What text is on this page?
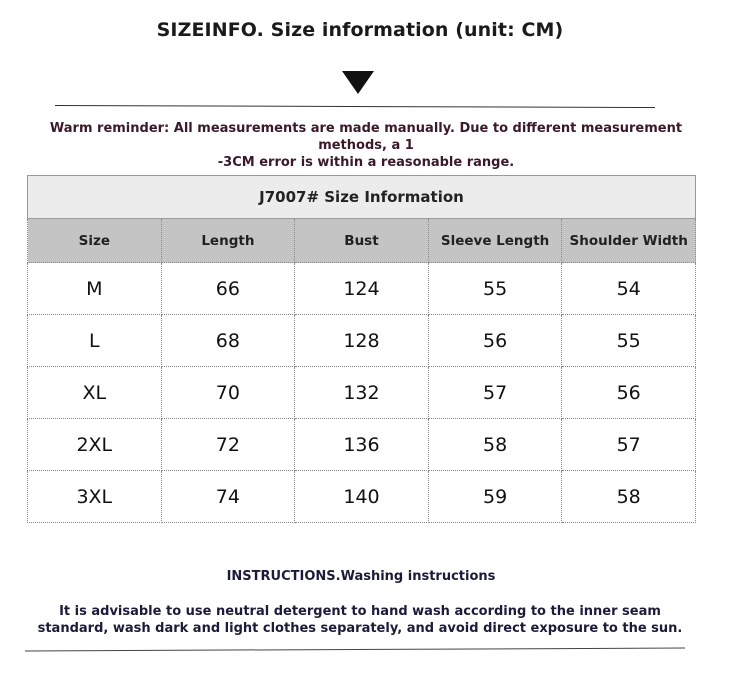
SIZEINFO. Size information (unit: CM)
Warm reminder: All measurements are made manually. Due to different measurement methods, a 1
-3CM error is within a reasonable range.
J7007# Size Information				
Size	Length	Bust	Sleeve Length	Shoulder Width
M	66	124	55	54
L	68	128	56	55
XL	70	132	57	56
2XL	72	136	58	57
3XL	74	140	59	58
INSTRUCTIONS.Washing instructions
It is advisable to use neutral detergent to hand wash according to the inner seam
standard, wash dark and light clothes separately, and avoid direct exposure to the sun.
